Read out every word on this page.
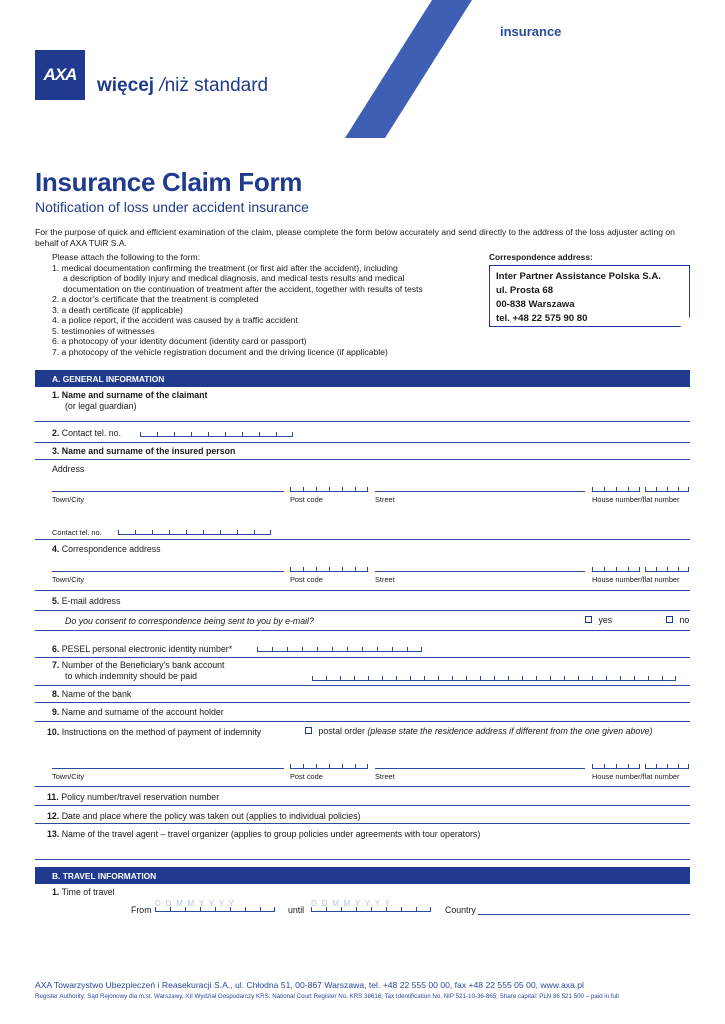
AXA
więcej /niż standard
insurance
Insurance Claim Form
Notification of loss under accident insurance
For the purpose of quick and efficient examination of the claim, please complete the form below accurately and send directly to the address of the loss adjuster acting on behalf of AXA TUiR S.A.
Please attach the following to the form:
1. medical documentation confirming the treatment (or first aid after the accident), including
a description of bodily injury and medical diagnosis, and medical tests results and medical
documentation on the continuation of treatment after the accident, together with results of tests
2. a doctor’s certificate that the treatment is completed
3. a death certificate (if applicable)
4. a police report, if the accident was caused by a traffic accident
5. testimonies of witnesses
6. a photocopy of your identity document (identity card or passport)
7. a photocopy of the vehicle registration document and the driving licence (if applicable)
Correspondence address:
Inter Partner Assistance Polska S.A.
ul. Prosta 68
00-838 Warszawa
tel. +48 22 575 90 80
A. GENERAL INFORMATION
1. Name and surname of the claimant
(or legal guardian)
2. Contact tel. no.
3. Name and surname of the insured person
Address
Town/City	Post code	Street	House number/flat number
Contact tel. no.
4. Correspondence address
Town/City	Post code	Street	House number/flat number
5. E-mail address
Do you consent to correspondence being sent to you by e-mail?	yes	no
6. PESEL personal electronic identity number*
7. Number of the Beneficiary’s bank account
to which indemnity should be paid
8. Name of the bank
9. Name and surname of the account holder
10. Instructions on the method of payment of indemnity	postal order (please state the residence address if different from the one given above)
Town/City	Post code	Street	House number/flat number
11. Policy number/travel reservation number
12. Date and place where the policy was taken out (applies to individual policies)
13. Name of the travel agent – travel organizer (applies to group policies under agreements with tour operators)
B. TRAVEL INFORMATION
1. Time of travel
From
D D M M Y Y Y Y
until
D D M M Y Y Y Y
Country
AXA Towarzystwo Ubezpieczeń i Reasekuracji S.A., ul. Chłodna 51, 00-867 Warszawa, tel. +48 22 555 00 00, fax +48 22 555 05 00, www.axa.pl
Register Authority: Sąd Rejonowy dla m.st. Warszawy, XII Wydział Gospodarczy KRS; National Court Register No. KRS 38616; Tax Identification No. NIP 521-10-36-865; Share capital: PLN 86 521 500 – paid in full
